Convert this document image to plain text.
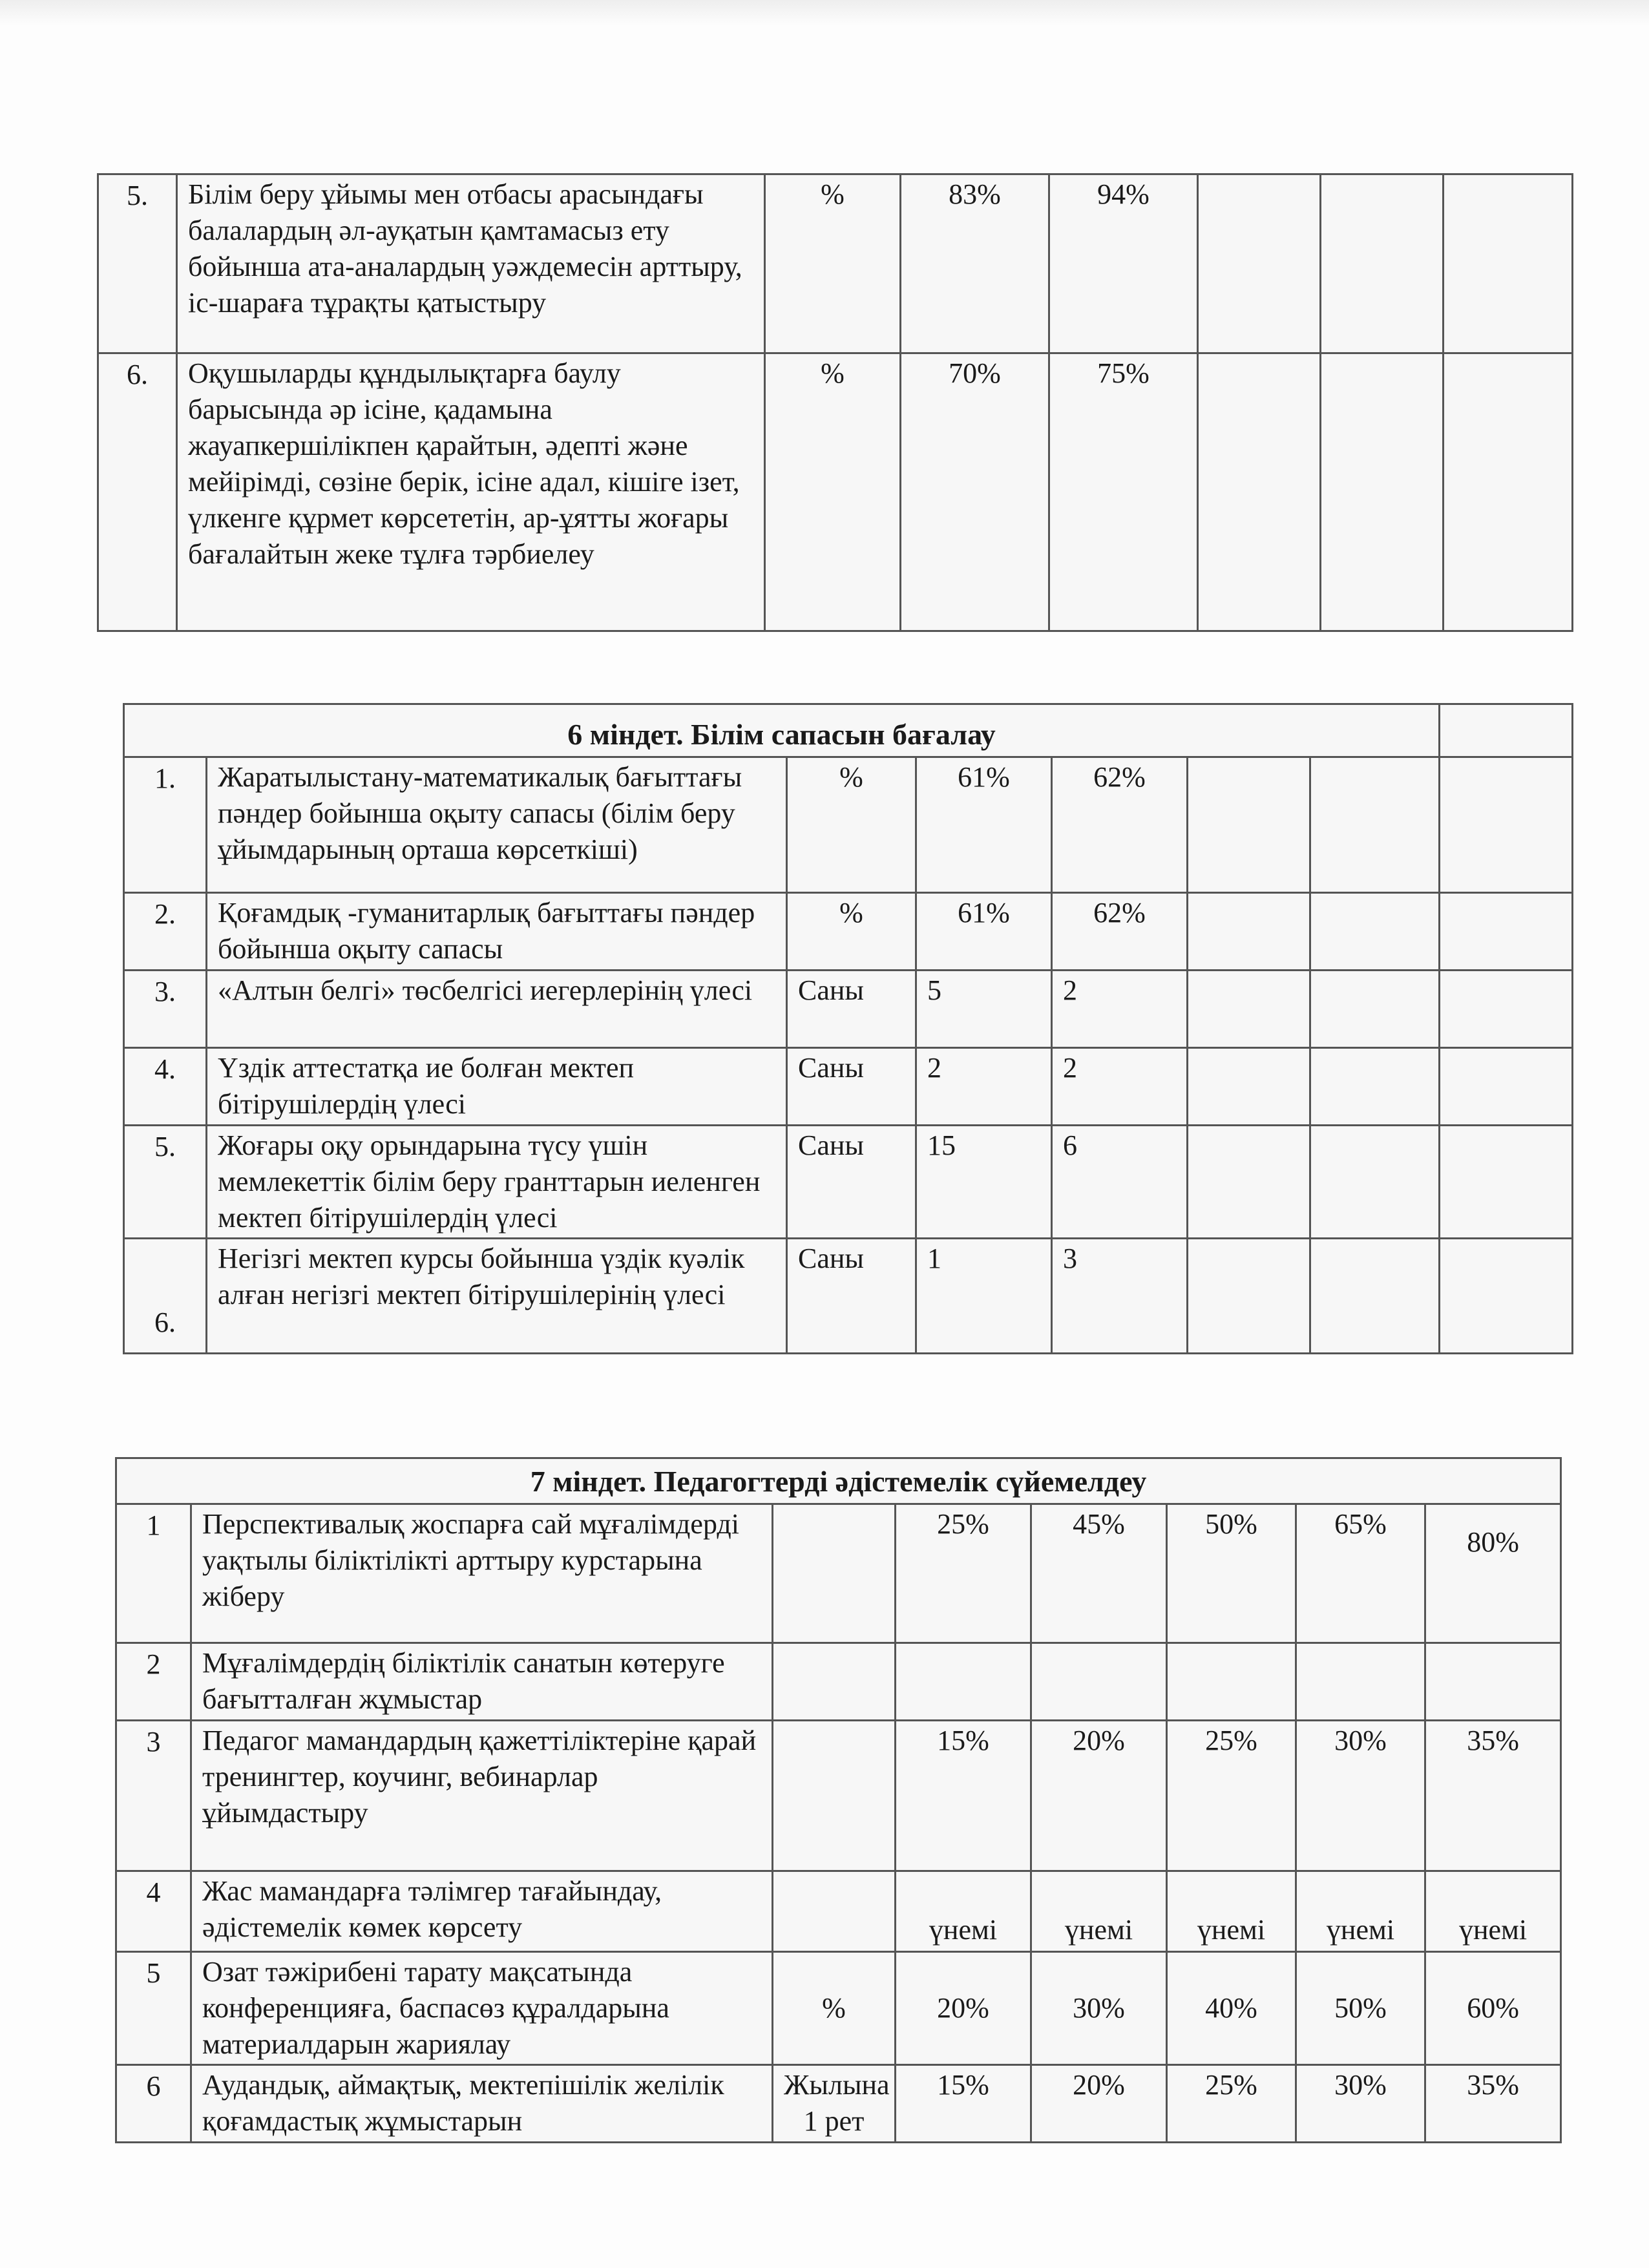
5.	Білім беру ұйымы мен отбасы арасындағы балалардың әл-ауқатын қамтамасыз ету бойынша ата-аналардың уәждемесін арттыру, іс-шараға тұрақты қатыстыру	%	83%	94%			
6.	Оқушыларды құндылықтарға баулу барысында әр ісіне, қадамына жауапкершілікпен қарайтын, әдепті және мейірімді, сөзіне берік, ісіне адал, кішіге ізет, үлкенге құрмет көрсететін, ар-ұятты жоғары бағалайтын жеке тұлға тәрбиелеу	%	70%	75%			
6 міндет. Білім сапасын бағалау							
1.	Жаратылыстану-математикалық бағыттағы пәндер бойынша оқыту сапасы (білім беру ұйымдарының орташа көрсеткіші)	%	61%	62%			
2.	Қоғамдық -гуманитарлық бағыттағы пәндер бойынша оқыту сапасы	%	61%	62%			
3.	«Алтын белгі» төсбелгісі иегерлерінің үлесі	Саны	5	2			
4.	Үздік аттестатқа ие болған мектеп бітірушілердің үлесі	Саны	2	2			
5.	Жоғары оқу орындарына түсу үшін мемлекеттік білім беру гранттарын иеленген мектеп бітірушілердің үлесі	Саны	15	6			
6.	Негізгі мектеп курсы бойынша үздік куәлік алған негізгі мектеп бітірушілерінің үлесі	Саны	1	3			
7 міндет. Педагогтерді әдістемелік сүйемелдеу							
1	Перспективалық жоспарға сай мұғалімдерді уақтылы біліктілікті арттыру курстарына жіберу		25%	45%	50%	65%	80%
2	Мұғалімдердің біліктілік санатын көтеруге бағытталған жұмыстар						
3	Педагог мамандардың қажеттіліктеріне қарай тренингтер, коучинг, вебинарлар ұйымдастыру		15%	20%	25%	30%	35%
4	Жас мамандарға тәлімгер тағайындау, әдістемелік көмек көрсету		үнемі	үнемі	үнемі	үнемі	үнемі
5	Озат тәжірибені тарату мақсатында конференцияға, баспасөз құралдарына материалдарын жариялау	%	20%	30%	40%	50%	60%
6	Аудандық, аймақтық, мектепішілік желілік қоғамдастық жұмыстарын	Жылына 1 рет	15%	20%	25%	30%	35%
